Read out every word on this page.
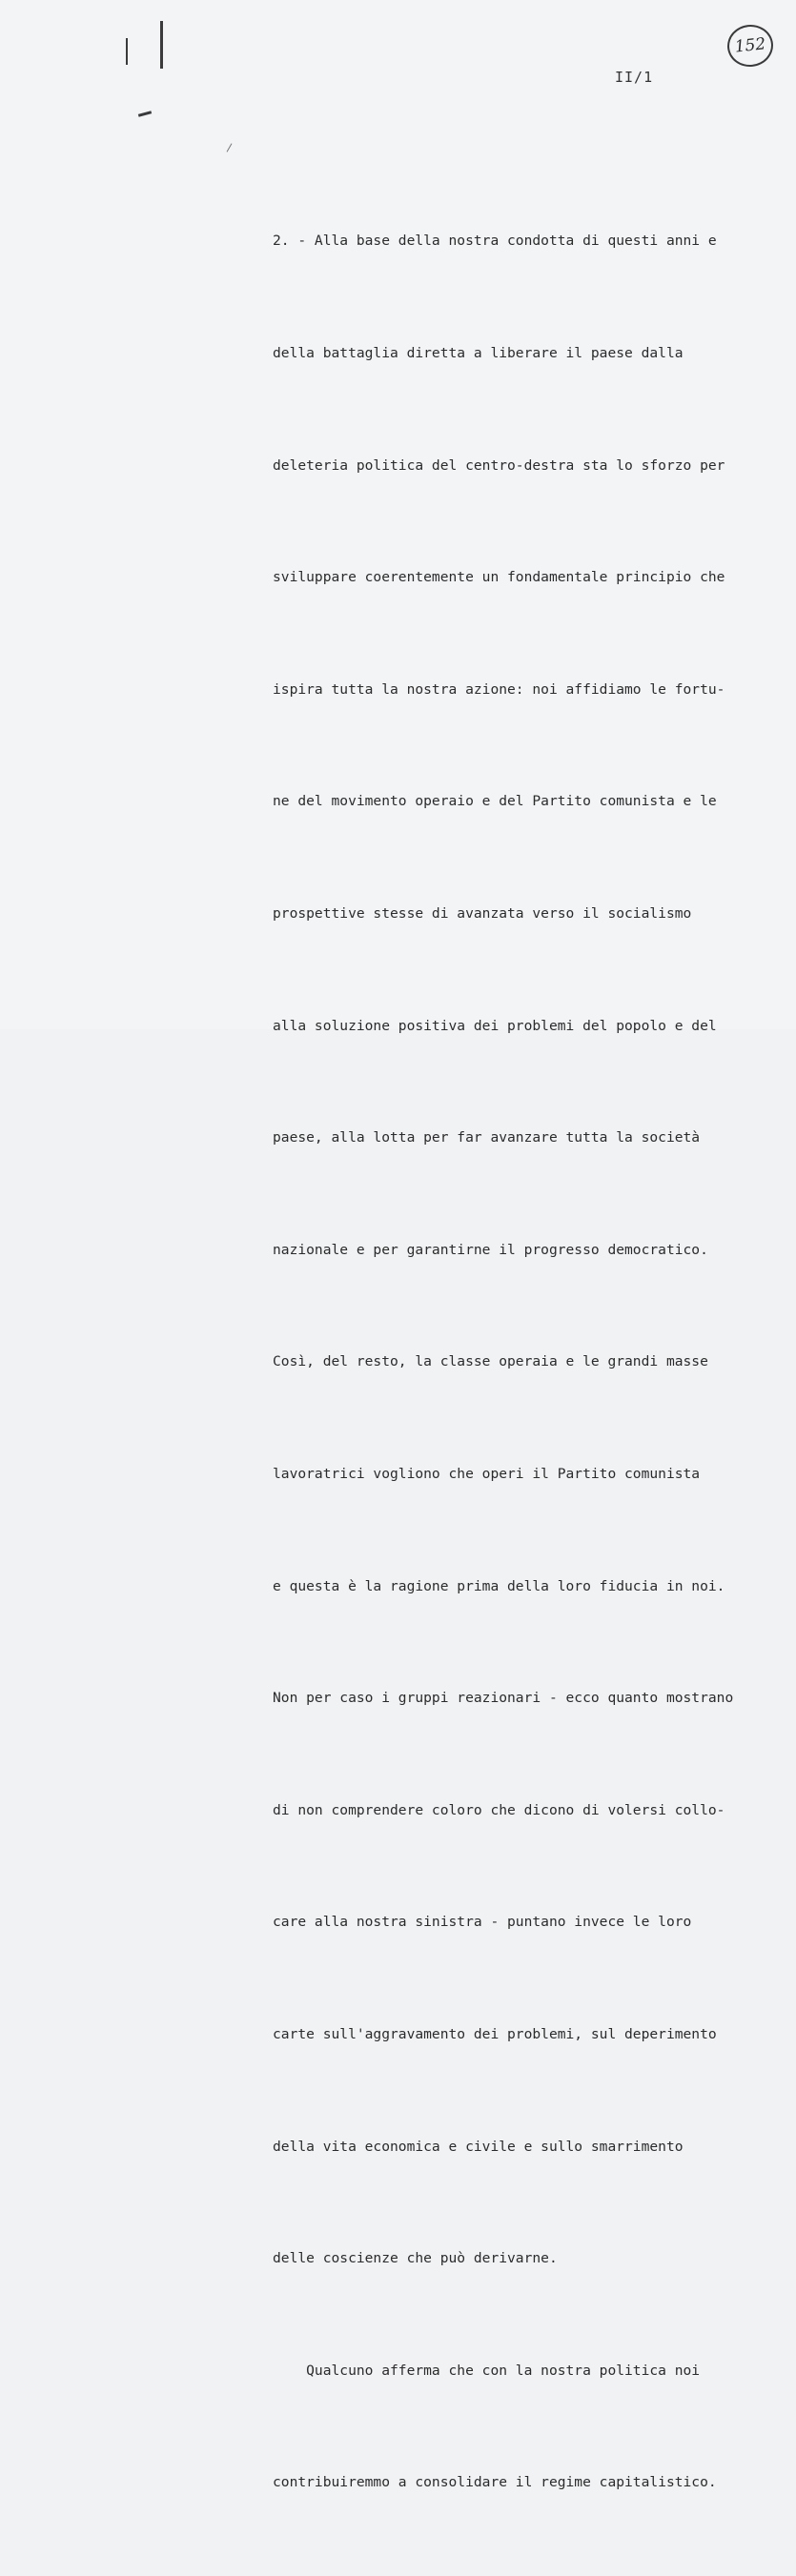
152
II/1

2. - Alla base della nostra condotta di questi anni e

della battaglia diretta a liberare il paese dalla

deleteria politica del centro-destra sta lo sforzo per

sviluppare coerentemente un fondamentale principio che

ispira tutta la nostra azione: noi affidiamo le fortu-

ne del movimento operaio e del Partito comunista e le

prospettive stesse di avanzata verso il socialismo

alla soluzione positiva dei problemi del popolo e del

paese, alla lotta per far avanzare tutta la società

nazionale e per garantirne il progresso democratico.

Così, del resto, la classe operaia e le grandi masse

lavoratrici vogliono che operi il Partito comunista

e questa è la ragione prima della loro fiducia in noi.

Non per caso i gruppi reazionari - ecco quanto mostrano

di non comprendere coloro che dicono di volersi collo-

care alla nostra sinistra - puntano invece le loro

carte sull'aggravamento dei problemi, sul deperimento

della vita economica e civile e sullo smarrimento

delle coscienze che può derivarne.

Qualcuno afferma che con la nostra politica noi

contribuiremmo a consolidare il regime capitalistico.
